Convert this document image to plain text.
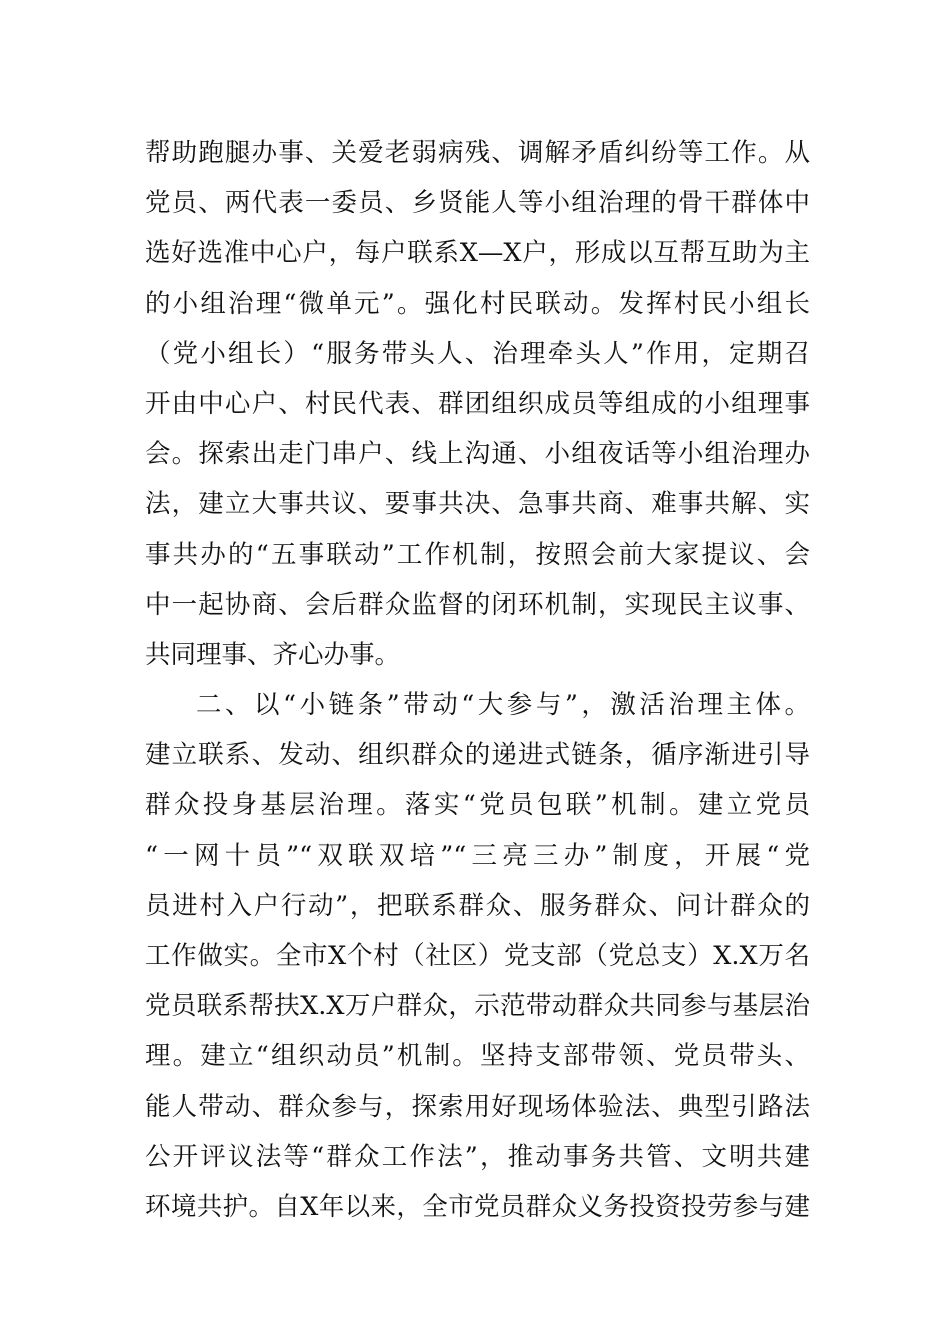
帮助跑腿办事、关爱老弱病残、调解矛盾纠纷等工作。从
党员、两代表一委员、乡贤能人等小组治理的骨干群体中
选好选准中心户，每户联系X—X户，形成以互帮互助为主
的小组治理“微单元”。强化村民联动。发挥村民小组长
（党小组长）“服务带头人、治理牵头人”作用，定期召
开由中心户、村民代表、群团组织成员等组成的小组理事
会。探索出走门串户、线上沟通、小组夜话等小组治理办
法，建立大事共议、要事共决、急事共商、难事共解、实
事共办的“五事联动”工作机制，按照会前大家提议、会
中一起协商、会后群众监督的闭环机制，实现民主议事、
共同理事、齐心办事。
二、以“小链条”带动“大参与”，激活治理主体。
建立联系、发动、组织群众的递进式链条，循序渐进引导
群众投身基层治理。落实“党员包联”机制。建立党员
“一网十员”“双联双培”“三亮三办”制度，开展“党
员进村入户行动”，把联系群众、服务群众、问计群众的
工作做实。全市X个村（社区）党支部（党总支）X.X万名
党员联系帮扶X.X万户群众，示范带动群众共同参与基层治
理。建立“组织动员”机制。坚持支部带领、党员带头、
能人带动、群众参与，探索用好现场体验法、典型引路法
公开评议法等“群众工作法”，推动事务共管、文明共建
环境共护。自X年以来，全市党员群众义务投资投劳参与建
